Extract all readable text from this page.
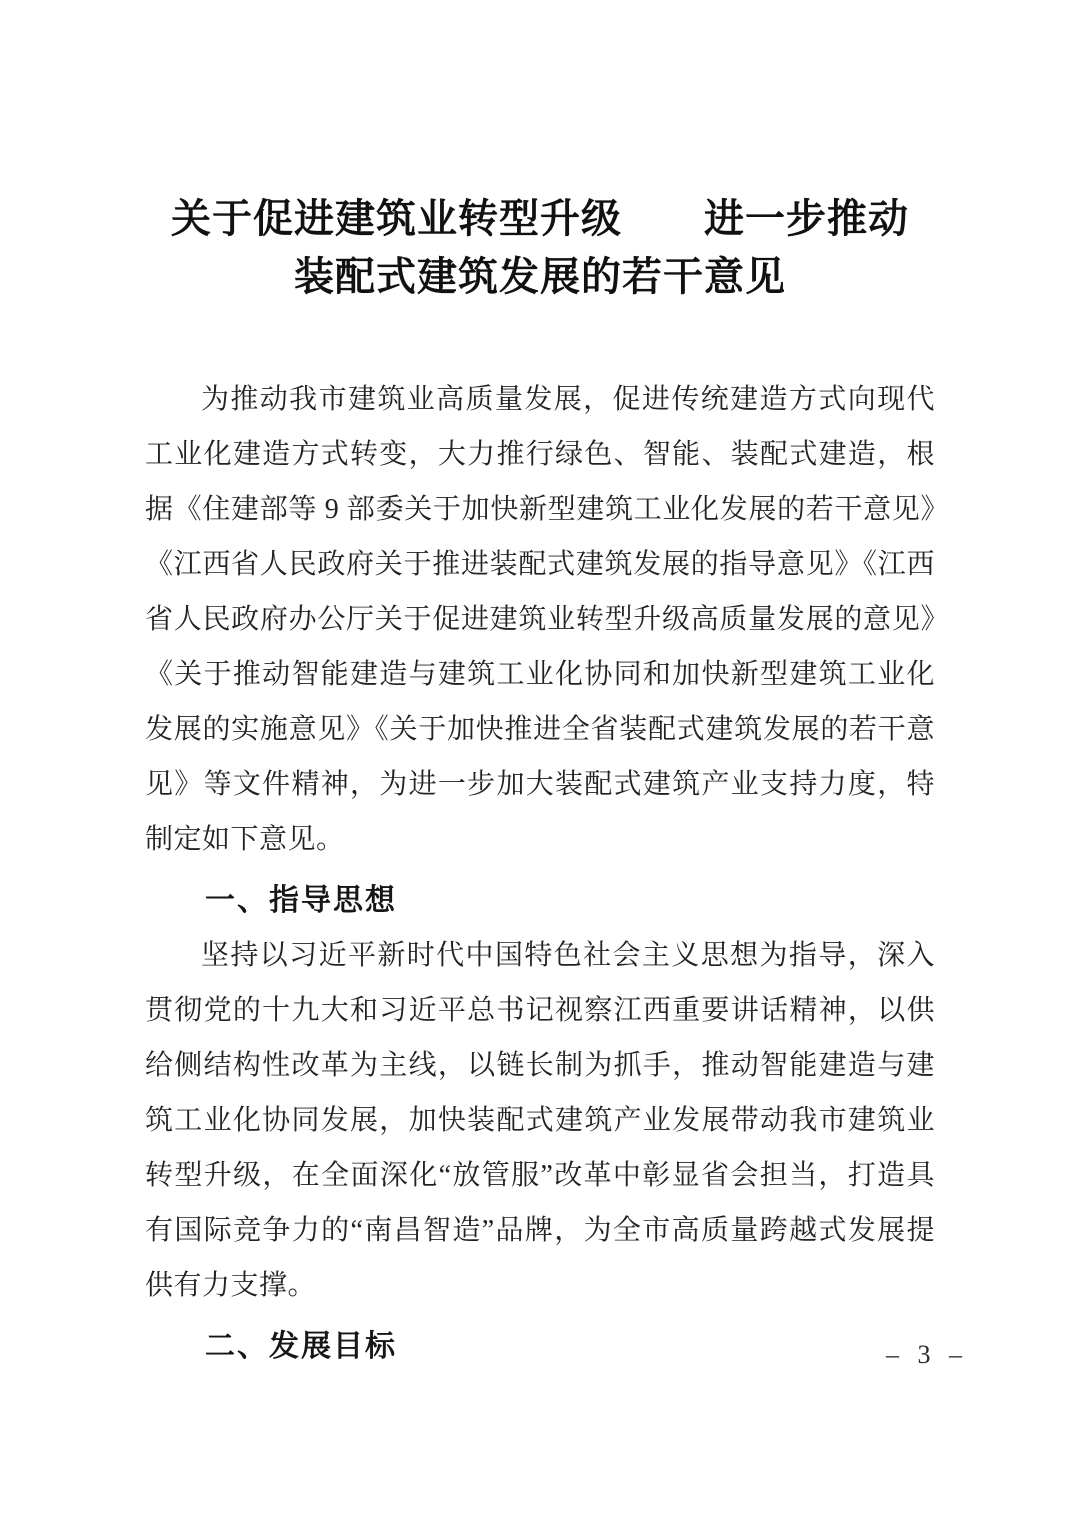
关于促进建筑业转型升级　　进一步推动
装配式建筑发展的若干意见

为推动我市建筑业高质量发展，促进传统建造方式向现代工业化建造方式转变，大力推行绿色、智能、装配式建造，根据《住建部等 9 部委关于加快新型建筑工业化发展的若干意见》《江西省人民政府关于推进装配式建筑发展的指导意见》《江西省人民政府办公厅关于促进建筑业转型升级高质量发展的意见》《关于推动智能建造与建筑工业化协同和加快新型建筑工业化发展的实施意见》《关于加快推进全省装配式建筑发展的若干意见》等文件精神，为进一步加大装配式建筑产业支持力度，特制定如下意见。

一、指导思想

坚持以习近平新时代中国特色社会主义思想为指导，深入贯彻党的十九大和习近平总书记视察江西重要讲话精神，以供给侧结构性改革为主线，以链长制为抓手，推动智能建造与建筑工业化协同发展，加快装配式建筑产业发展带动我市建筑业转型升级，在全面深化“放管服”改革中彰显省会担当，打造具有国际竞争力的“南昌智造”品牌，为全市高质量跨越式发展提供有力支撑。

二、发展目标	– 3 –
